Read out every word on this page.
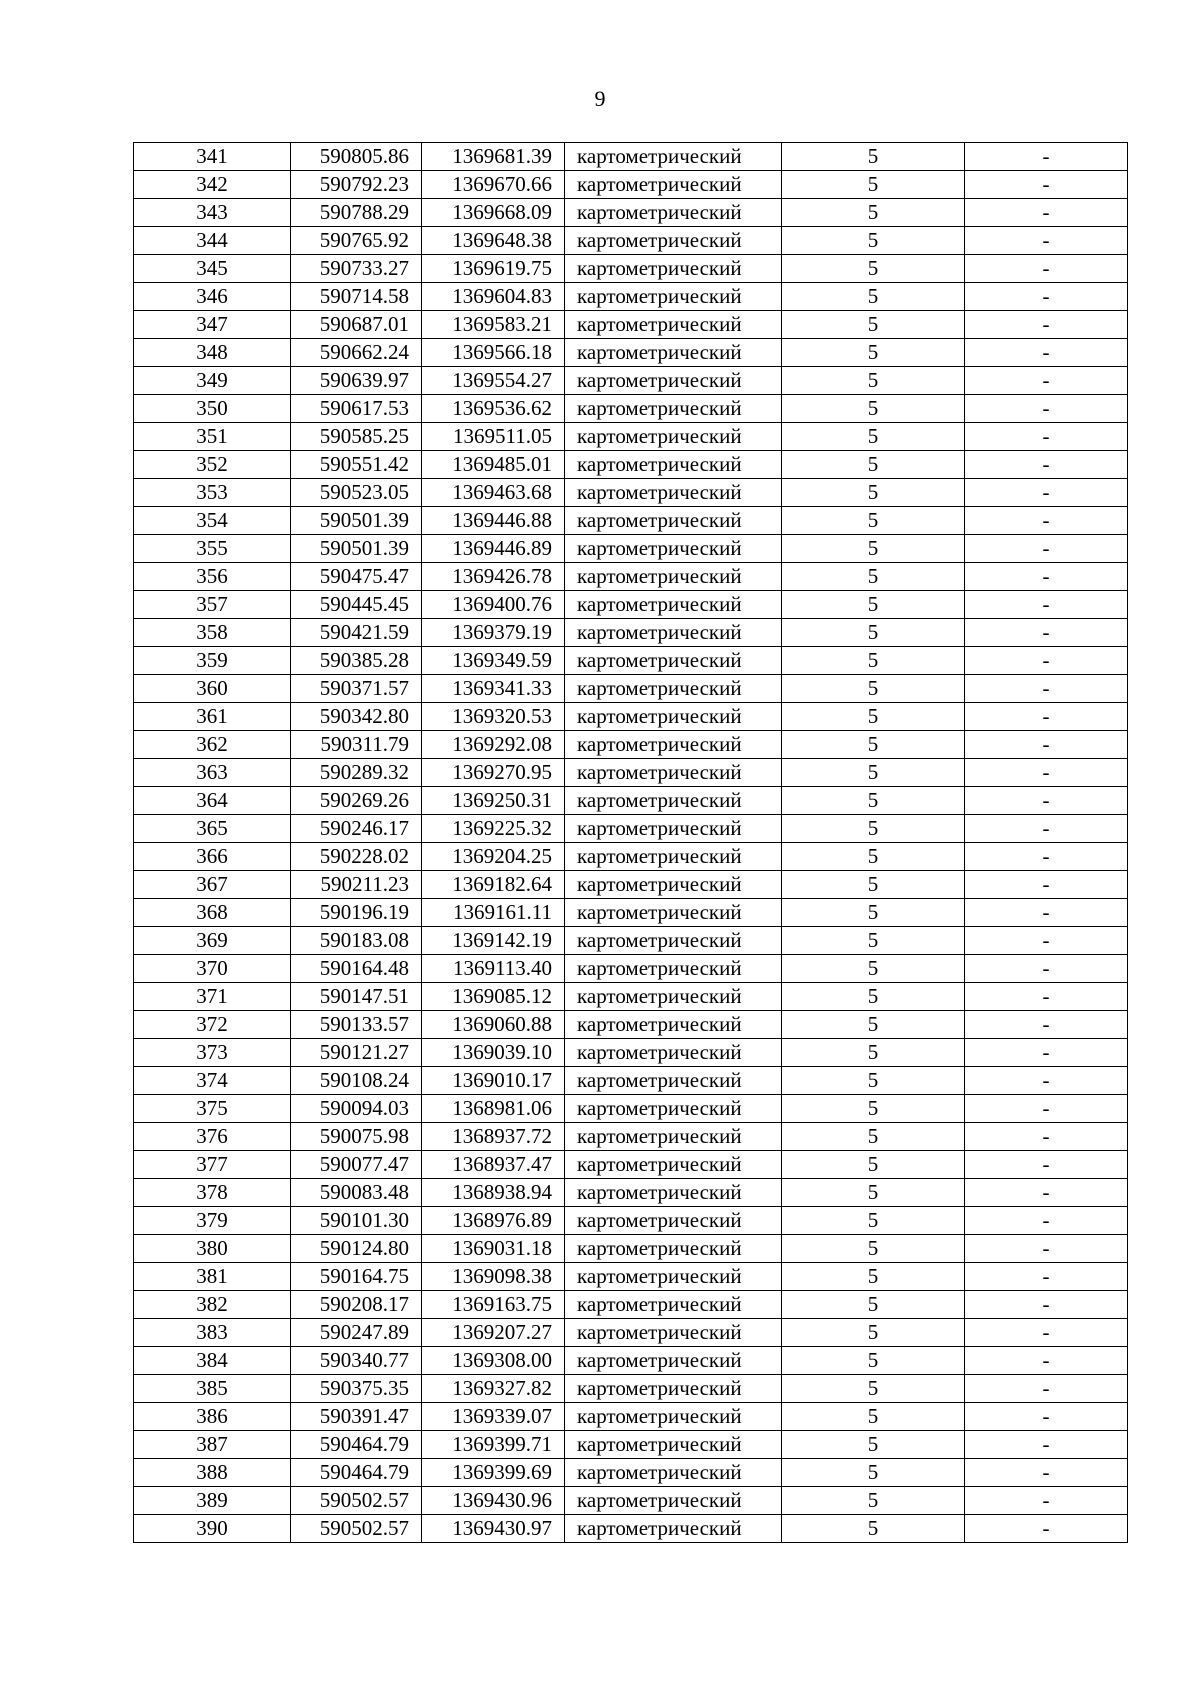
9
341	590805.86	1369681.39	картометрический	5	-
342	590792.23	1369670.66	картометрический	5	-
343	590788.29	1369668.09	картометрический	5	-
344	590765.92	1369648.38	картометрический	5	-
345	590733.27	1369619.75	картометрический	5	-
346	590714.58	1369604.83	картометрический	5	-
347	590687.01	1369583.21	картометрический	5	-
348	590662.24	1369566.18	картометрический	5	-
349	590639.97	1369554.27	картометрический	5	-
350	590617.53	1369536.62	картометрический	5	-
351	590585.25	1369511.05	картометрический	5	-
352	590551.42	1369485.01	картометрический	5	-
353	590523.05	1369463.68	картометрический	5	-
354	590501.39	1369446.88	картометрический	5	-
355	590501.39	1369446.89	картометрический	5	-
356	590475.47	1369426.78	картометрический	5	-
357	590445.45	1369400.76	картометрический	5	-
358	590421.59	1369379.19	картометрический	5	-
359	590385.28	1369349.59	картометрический	5	-
360	590371.57	1369341.33	картометрический	5	-
361	590342.80	1369320.53	картометрический	5	-
362	590311.79	1369292.08	картометрический	5	-
363	590289.32	1369270.95	картометрический	5	-
364	590269.26	1369250.31	картометрический	5	-
365	590246.17	1369225.32	картометрический	5	-
366	590228.02	1369204.25	картометрический	5	-
367	590211.23	1369182.64	картометрический	5	-
368	590196.19	1369161.11	картометрический	5	-
369	590183.08	1369142.19	картометрический	5	-
370	590164.48	1369113.40	картометрический	5	-
371	590147.51	1369085.12	картометрический	5	-
372	590133.57	1369060.88	картометрический	5	-
373	590121.27	1369039.10	картометрический	5	-
374	590108.24	1369010.17	картометрический	5	-
375	590094.03	1368981.06	картометрический	5	-
376	590075.98	1368937.72	картометрический	5	-
377	590077.47	1368937.47	картометрический	5	-
378	590083.48	1368938.94	картометрический	5	-
379	590101.30	1368976.89	картометрический	5	-
380	590124.80	1369031.18	картометрический	5	-
381	590164.75	1369098.38	картометрический	5	-
382	590208.17	1369163.75	картометрический	5	-
383	590247.89	1369207.27	картометрический	5	-
384	590340.77	1369308.00	картометрический	5	-
385	590375.35	1369327.82	картометрический	5	-
386	590391.47	1369339.07	картометрический	5	-
387	590464.79	1369399.71	картометрический	5	-
388	590464.79	1369399.69	картометрический	5	-
389	590502.57	1369430.96	картометрический	5	-
390	590502.57	1369430.97	картометрический	5	-
